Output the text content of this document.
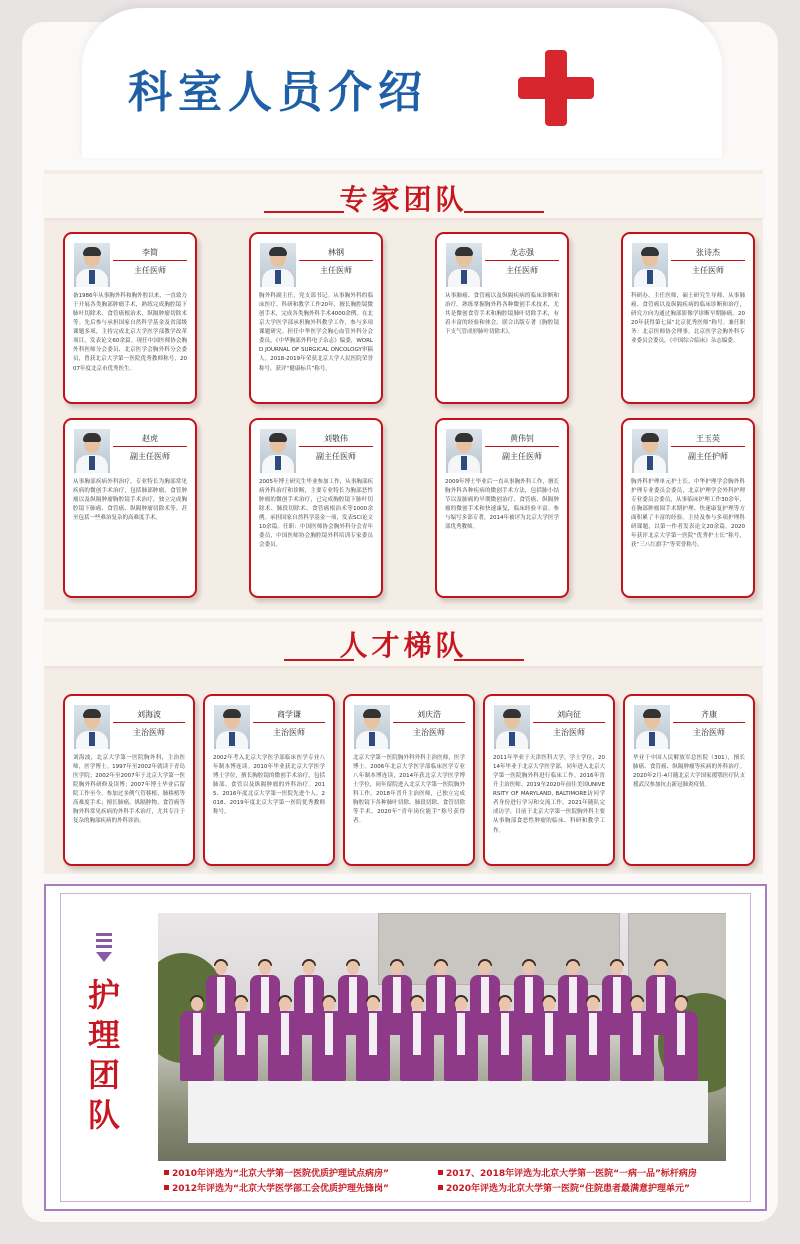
科室人员介绍
专家团队
人才梯队
李简
主任医师
备1986年从事胸外科和胸外腔以来，一直致力于开展各类胸部肿瘤手术，熟练完成胸腔镜下肺叶切除术、食管癌根治术、纵隔肿瘤切除术等。先后参与承担国家自然科学基金及省部级课题多项，主持完成北京大学医学部教学改革项目，发表论文60余篇。现任中国医师协会胸外科医师分会委员、北京医学会胸外科分会委员，曾获北京大学第一医院优秀教师称号，2007年度北京市优秀医生。
林钢
主任医师
胸外科副主任，党支部书记。从事胸外科的临床医疗、科研和教学工作20年，擅长胸腔镜微创手术，完成各类胸外科手术4000余例。在北京大学医学部承担胸外科教学工作，参与多项课题研究。担任中华医学会胸心血管外科分会委员，《中华胸部外科电子杂志》编委，WORLD JOURNAL OF SURGICAL ONCOLOGY审稿人。2018-2019年荣获北京大学人民医院荣誉称号，获评“健康标兵”称号。
龙志强
主任医师
从事肺癌、食管癌以及纵隔疾病的临床诊断和治疗。熟练掌握胸外科各种微创手术技术，尤其是微创食管手术和胸腔镜肺叶切除手术，有着丰富的经验和体会。联合出版专著《胸腔镜下支气管成形肺叶切除术》。
张诗杰
主任医师
科研办，主任医师，硕士研究生导师，从事肺癌、食管癌以及纵隔疾病的临床诊断和治疗，研究方向为通过胸部影像学诊断早期肺癌。2020年获得第七届“北京优秀医师”称号。兼任职务：北京医师协会理事，北京医学会胸外科专业委员会委员，《中国综合临床》杂志编委。
赵虎
副主任医师
从事胸部疾病外科治疗，专业特长为胸部常见疾病的微创手术治疗，包括肺部肿瘤、食管肿瘤以及纵隔肿瘤胸腔镜手术治疗，独立完成胸腔镜下肺癌、食管癌、纵隔肿瘤切除术等。甚至包括一些难治复杂的高难度手术。
刘敬伟
副主任医师
2005年博士研究生毕业参加工作，从事胸部疾病外科治疗和诊断，主要专业特长为胸部恶性肿瘤的微创手术治疗，已完成胸腔镜下肺叶切除术、肺段切除术、食管癌根治术等1000余例。承担国家自然科学基金一项，发表SCI论文10余篇。任职：中国医师协会胸外科分会青年委员，中国医师协会胸腔镜外科培训专家委员会委员。
黄伟钊
副主任医师
2009年博士毕业后一直从事胸外科工作，擅长胸外科各种疾病的微创手术方法，包括肺小结节以及肺癌的早期微创治疗、食管癌、纵隔肿瘤的微创手术和快速康复，临床经验丰富。参与编写多部专著，2014年被评为北京大学医学部优秀教师。
王玉英
副主任护师
胸外科护理单元护士长，中华护理学会胸外科护理专业委员会委员，北京护理学会外科护理专业委员会委员，从事临床护理工作30余年，在胸部肿瘤围手术期护理、快速康复护理等方面积累了丰富的经验。主持及参与多项护理科研课题，以第一作者发表论文20余篇。2020年获评北京大学第一医院“优秀护士长”称号，获“三八红旗手”等荣誉称号。
刘海波
主治医师
刘海波，北京大学第一医院胸外科，主治医师，医学博士。1997年至2002年就读于青岛医学院；2002年至2007年于北京大学第一医院胸外科研修及读博；2007年博士毕业后留院工作至今。参加过多例气管移植、肺移植等高难度手术；擅长肺癌、纵隔肿物、食管癌等胸外科常见疾病的外科手术治疗，尤其专注于复杂的胸部疾病的外科诊治。
商学谦
主治医师
2002年考入北京大学医学部临床医学专业八年制本博连读。2010年毕业获北京大学医学博士学位，擅长胸腔镜的微创手术治疗，包括肺部、食管以及纵隔肿瘤的外科治疗。2015、2016年度北京大学第一医院先进个人。2018、2019年度北京大学第一医院优秀教师称号。
刘庆浩
主治医师
北京大学第一医院胸外科外科主治医师，医学博士。2006年北京大学医学部临床医学专业八年制本博连读，2014年获北京大学医学博士学位，同年留院进入北京大学第一医院胸外科工作。2018年晋升主治医师，已独立完成胸腔镜下各种肺叶切除、肺段切除、食管切除等手术。2020年“青年岗位能手”称号获得者。
刘向征
主治医师
2011年毕业于天津医科大学，学士学位，2014年毕业于北京大学医学部，同年进入北京大学第一医院胸外科进行临床工作。2016年晋升主治医师。2019至2020年前往美国UNIVERSITY OF MARYLAND, BALTIMORE访问学者身份进行学习和交流工作。2021年随队完成访学，目前于北京大学第一医院胸外科主要从事胸部食恶性肿瘤的临床、科研和教学工作。
齐康
主治医师
毕业于中国人民解放军总医院（301），擅长肺癌、食管癌、纵隔肿瘤等疾病的外科治疗。2020年2月-4月随北京大学国家援鄂医疗队支援武汉参加抗击新冠肺炎疫情。
护
理
团
队
2010年评选为“北京大学第一医院优质护理试点病房”	2017、2018年评选为北京大学第一医院“一病一品”标杆病房
2012年评选为“北京大学医学部工会优质护理先锋岗”	2020年评选为北京大学第一医院“住院患者最满意护理单元”
